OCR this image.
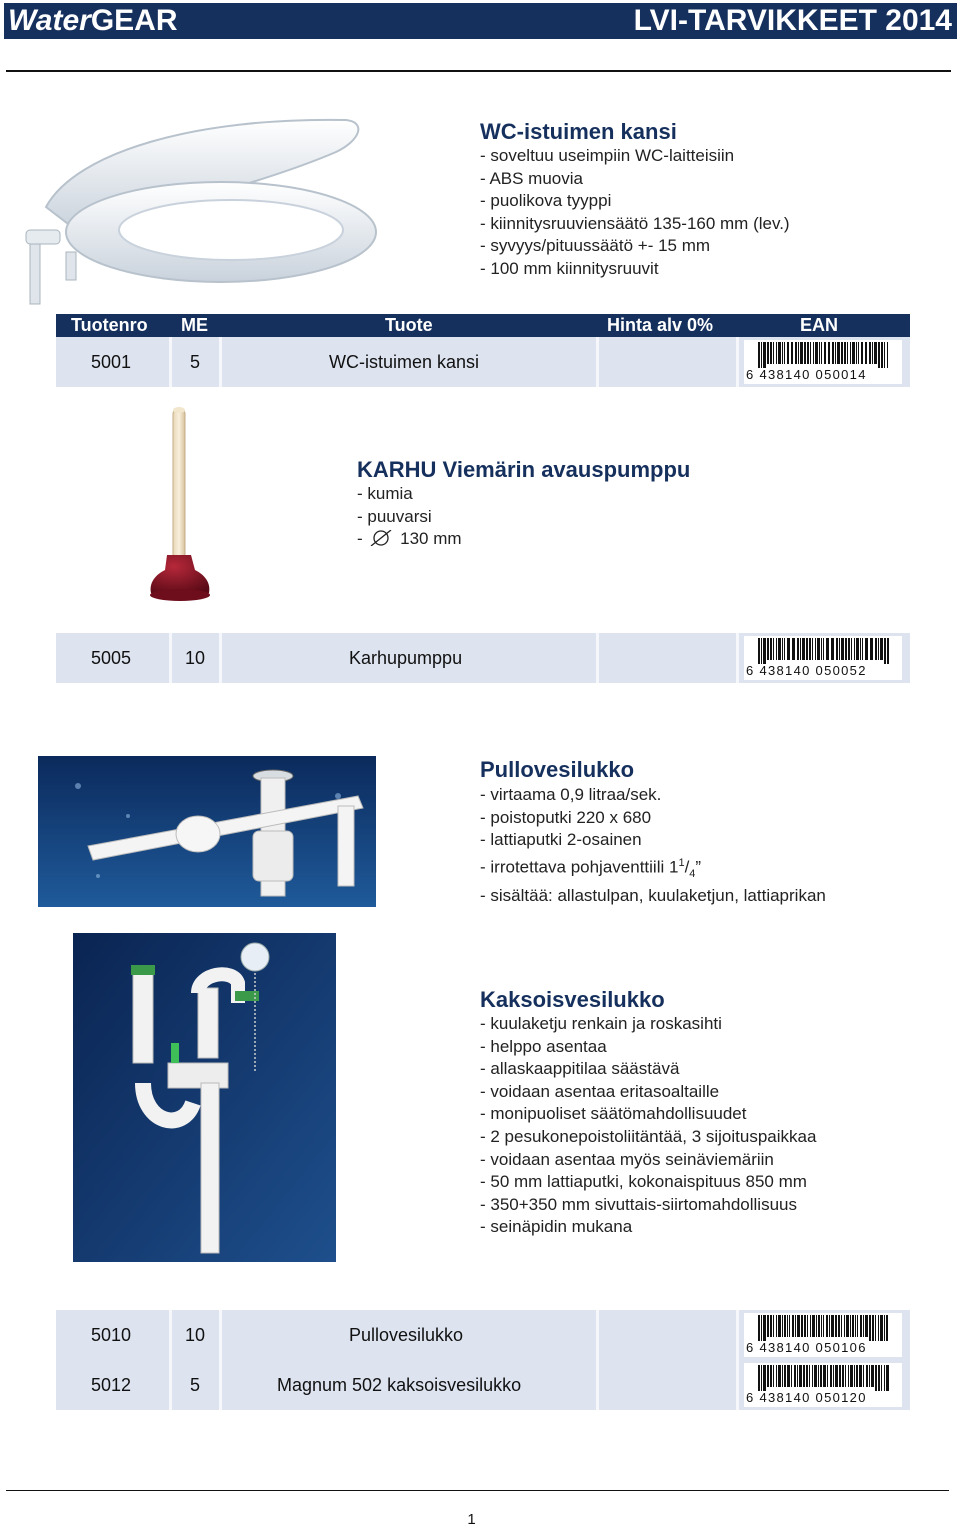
WaterGEAR	LVI-TARVIKKEET 2014
WC-istuimen kansi
- soveltuu useimpiin WC-laitteisiin
- ABS muovia
- puolikova tyyppi
- kiinnitysruuviensäätö 135-160 mm (lev.)
- syvyys/pituussäätö +- 15 mm
- 100 mm kiinnitysruuvit
Tuotenro ME	Tuote	Hinta alv 0%	EAN
5001	5	WC-istuimen kansi
6 438140 050014
KARHU Viemärin avauspumppu
- kumia
- puuvarsi
- 130 mm
5005	10	Karhupumppu
6 438140 050052
Pullovesilukko
- virtaama 0,9 litraa/sek.
- poistoputki 220 x 680
- lattiaputki 2-osainen
- irrotettava pohjaventtiili $1^1/_4$”
- sisältää: allastulpan, kuulaketjun, lattiaprikan
Kaksoisvesilukko
- kuulaketju renkain ja roskasihti
- helppo asentaa
- allaskaappitilaa säästävä
- voidaan asentaa eritasoaltaille
- monipuoliset säätömahdollisuudet
- 2 pesukonepoistoliitäntää, 3 sijoituspaikkaa
- voidaan asentaa myös seinäviemäriin
- 50 mm lattiaputki, kokonaispituus 850 mm
- 350+350 mm sivuttais-siirtomahdollisuus
- seinäpidin mukana
5010	10	Pullovesilukko
6 438140 050106
5012	5	Magnum 502 kaksoisvesilukko
6 438140 050120
1
